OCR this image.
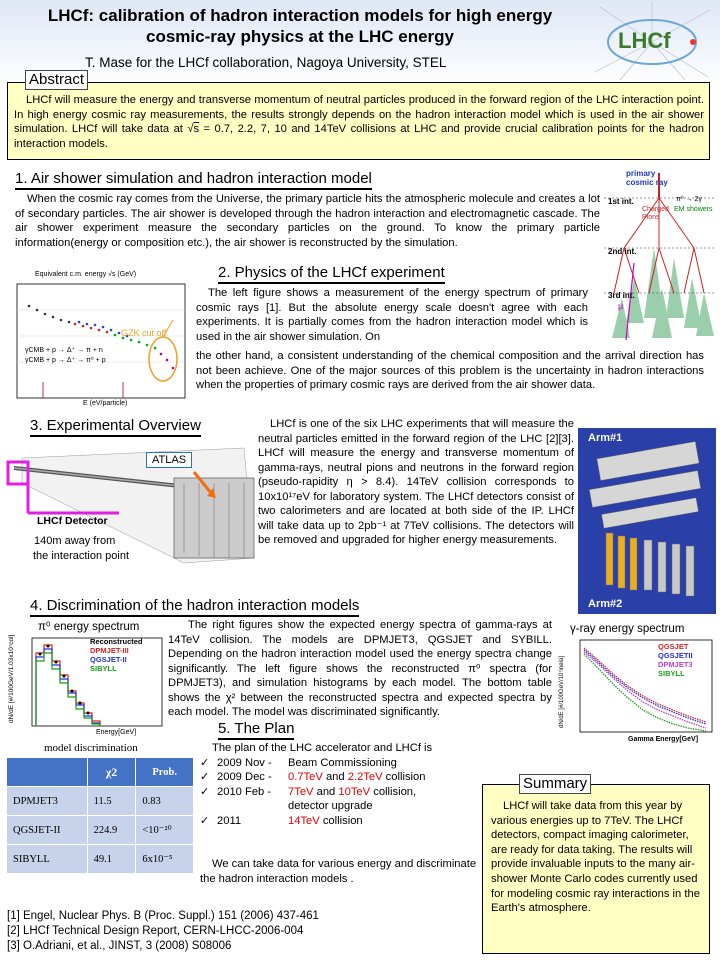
LHCf: calibration of hadron interaction models for high energy
cosmic-ray physics at the LHC energy
T. Mase for the LHCf collaboration, Nagoya University, STEL
LHCf
LHCf will measure the energy and transverse momentum of neutral particles produced in the forward region of the LHC interaction point. In high energy cosmic ray measurements, the results strongly depends on the hadron interaction model which is used in the air shower simulation. LHCf will take data at √s = 0.7, 2.2, 7, 10 and 14TeV collisions at LHC and provide crucial calibration points for the hadron interaction models.
Abstract
1. Air shower simulation and hadron interaction model
When the cosmic ray comes from the Universe, the primary particle hits the atmospheric molecule and creates a lot of secondary particles. The air shower is developed through the hadron interaction and electromagnetic cascade. The air shower experiment measure the secondary particles on the ground. To know the primary particle information(energy or composition etc.), the air shower is reconstructed by the simulation.
primary cosmic ray
1st int.
2nd int.
3rd int.
Charged Pions
EM showers
π⁰ → 2γ
μ
2. Physics of the LHCf experiment
The left figure shows a measurement of the energy spectrum of primary cosmic rays [1]. But the absolute energy scale doesn't agree with each experiments. It is partially comes from the hadron interaction model which is used in the air shower simulation. On
the other hand, a consistent understanding of the chemical composition and the arrival direction has not been achieve. One of the major sources of this problem is the uncertainty in hadron interactions when the properties of primary cosmic rays are derived from the air shower data.
Equivalent c.m. energy √s (GeV)
GZK cut off
γCMB + p → Δ⁺ → π + n
γCMB + p → Δ⁺ → π⁰ + p
E (eV/particle)
3. Experimental Overview	LHCf is one of the six LHC experiments that will measure the neutral particles emitted in the forward region of the LHC [2][3]. LHCf will measure the energy and transverse momentum of gamma-rays, neutral pions and neutrons in the forward region (pseudo-rapidity η > 8.4). 14TeV collision corresponds to 10x10¹⁷eV for laboratory system. The LHCf detectors consist of two calorimeters and are located at both side of the IP. LHCf will take data up to 2pb⁻¹ at 7TeV collisions. The detectors will be removed and upgraded for higher energy measurements.
ATLAS
LHCf Detector
140m away from
the interaction point
Arm#1
Arm#2
4. Discrimination of the hadron interaction models
The right figures show the expected energy spectra of gamma-rays at 14TeV collision. The models are DPMJET3, QGSJET and SYBILL. Depending on the hadron interaction model used the energy spectra change significantly. The left figure shows the reconstructed π⁰ spectra (for DPMJET3), and simulation histograms by each model. The bottom table shows the χ² between the reconstructed spectra and expected spectra by each model. The model was discriminated significantly.
π⁰ energy spectrum	γ-ray energy spectrum
dN/dE [#/100GeV/1.03x10⁷col]	Reconstructed
DPMJET-III
QGSJET-II
SIBYLL
Energy[GeV]
dN/dE [#/100GeV/10⁷inela]
QGSJET
QGSJETII
DPMJET3
SIBYLL
Gamma Energy[GeV]
model discrimination
	χ2	Prob.
DPMJET3	11.5	0.83
QGSJET-II	224.9	<10⁻²⁰
SIBYLL	49.1	6x10⁻⁵
5. The Plan
The plan of the LHC accelerator and LHCf is
✓ 2009 Nov - Beam Commissioning
✓ 2009 Dec - 0.7TeV and 2.2TeV collision
✓ 2010 Feb - 7TeV and 10TeV collision,
detector upgrade
✓ 2011	14TeV collision
We can take data for various energy and discriminate the hadron interaction models .
LHCf will take data from this year by various energies up to 7TeV. The LHCf detectors, compact imaging calorimeter, are ready for data taking. The results will provide invaluable inputs to the many air-shower Monte Carlo codes currently used for modeling cosmic ray interactions in the Earth's atmosphere.
Summary
[1] Engel, Nuclear Phys. B (Proc. Suppl.) 151 (2006) 437-461
[2] LHCf Technical Design Report, CERN-LHCC-2006-004
[3] O.Adriani, et al., JINST, 3 (2008) S08006
